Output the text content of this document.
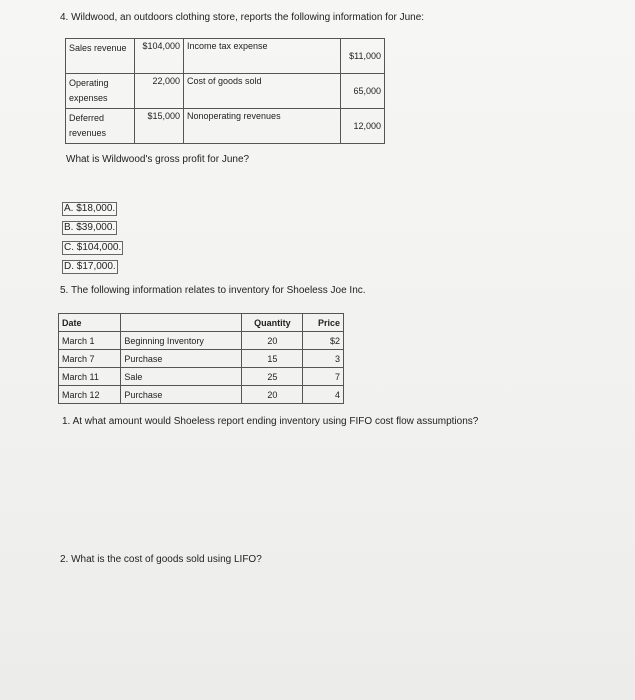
4. Wildwood, an outdoors clothing store, reports the following information for June:
Sales revenue	$104,000	Income tax expense	$11,000
Operating expenses	22,000	Cost of goods sold	65,000
Deferred revenues	$15,000	Nonoperating revenues	12,000
What is Wildwood's gross profit for June?
A. $18,000.
B. $39,000.
C. $104,000.
D. $17,000.
5. The following information relates to inventory for Shoeless Joe Inc.
Date		Quantity	Price
March 1	Beginning Inventory	20	$2
March 7	Purchase	15	3
March 11	Sale	25	7
March 12	Purchase	20	4
1. At what amount would Shoeless report ending inventory using FIFO cost flow assumptions?
2. What is the cost of goods sold using LIFO?
